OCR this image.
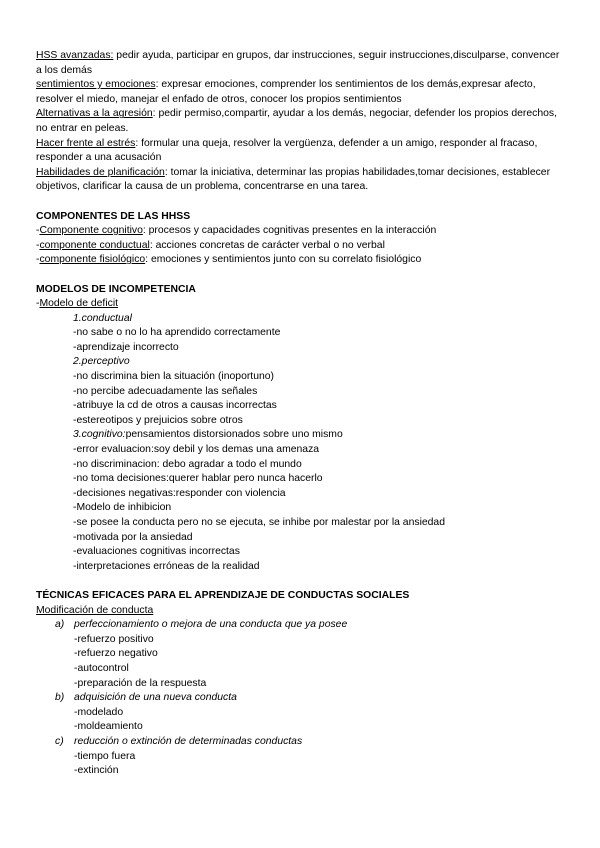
HSS avanzadas: pedir ayuda, participar en grupos, dar instrucciones, seguir instrucciones,disculparse, convencer a los demás

sentimientos y emociones: expresar emociones, comprender los sentimientos de los demás,expresar afecto, resolver el miedo, manejar el enfado de otros, conocer los propios sentimientos

Alternativas a la agresión: pedir permiso,compartir, ayudar a los demás, negociar, defender los propios derechos, no entrar en peleas.

Hacer frente al estrés: formular una queja, resolver la vergüenza, defender a un amigo, responder al fracaso, responder a una acusación

Habilidades de planificación: tomar la iniciativa, determinar las propias habilidades,tomar decisiones, establecer objetivos, clarificar la causa de un problema, concentrarse en una tarea.

COMPONENTES DE LAS HHSS

-Componente cognitivo: procesos y capacidades cognitivas presentes en la interacción

-componente conductual: acciones concretas de carácter verbal o no verbal

-componente fisiológico: emociones y sentimientos junto con su correlato fisiológico

MODELOS DE INCOMPETENCIA

-Modelo de deficit

1.conductual

-no sabe o no lo ha aprendido correctamente

-aprendizaje incorrecto

2.perceptivo

-no discrimina bien la situación (inoportuno)

-no percibe adecuadamente las señales

-atribuye la cd de otros a causas incorrectas

-estereotipos y prejuicios sobre otros

3.cognitivo:pensamientos distorsionados sobre uno mismo

-error evaluacion:soy debil y los demas una amenaza

-no discriminacion: debo agradar a todo el mundo

-no toma decisiones:querer hablar pero nunca hacerlo

-decisiones negativas:responder con violencia

-Modelo de inhibicion

-se posee la conducta pero no se ejecuta, se inhibe por malestar por la ansiedad

-motivada por la ansiedad

-evaluaciones cognitivas incorrectas

-interpretaciones erróneas de la realidad

TÉCNICAS EFICACES PARA EL APRENDIZAJE DE CONDUCTAS SOCIALES

Modificación de conducta

a) perfeccionamiento o mejora de una conducta que ya posee

-refuerzo positivo

-refuerzo negativo

-autocontrol

-preparación de la respuesta

b) adquisición de una nueva conducta

-modelado

-moldeamiento

c) reducción o extinción de determinadas conductas

-tiempo fuera

-extinción
